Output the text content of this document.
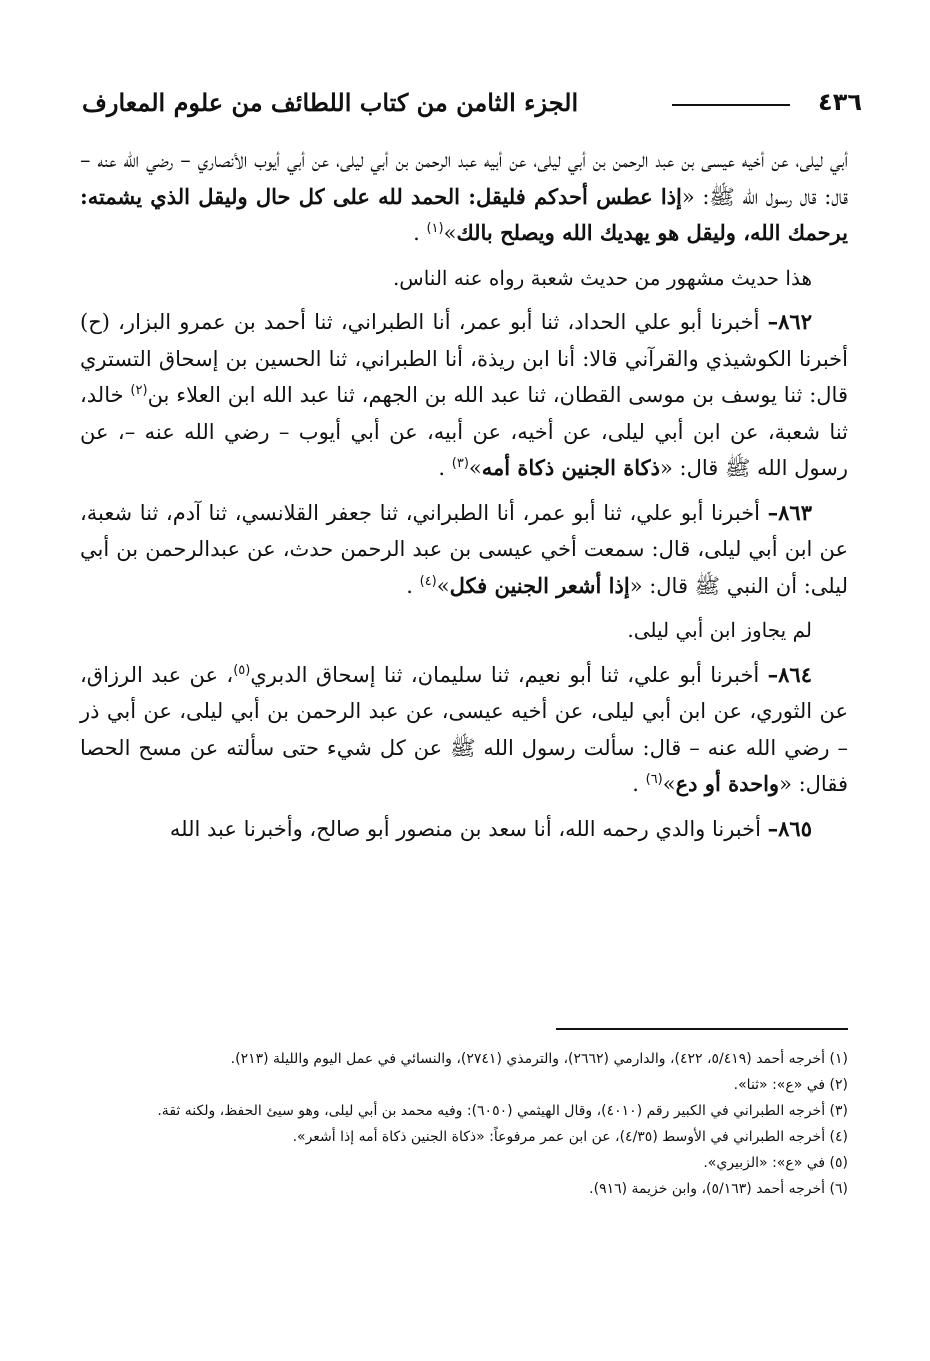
٤٣٦
الجزء الثامن من كتاب اللطائف من علوم المعارف

أبي ليلى، عن أخيه عيسى بن عبد الرحمن بن أبي ليلى، عن أبيه عبد الرحمن بن أبي ليلى، عن أبي أيوب الأنصاري – رضي الله عنه – قال: قال رسول الله ﷺ: «إذا عطس أحدكم فليقل: الحمد لله على كل حال وليقل الذي يشمته: يرحمك الله، وليقل هو يهديك الله ويصلح بالك»$^{(١)}$ .

هذا حديث مشهور من حديث شعبة رواه عنه الناس.

٨٦٢– أخبرنا أبو علي الحداد، ثنا أبو عمر، أنا الطبراني، ثنا أحمد بن عمرو البزار، (ح) أخبرنا الكوشيذي والقرآني قالا: أنا ابن ريذة، أنا الطبراني، ثنا الحسين بن إسحاق التستري قال: ثنا يوسف بن موسى القطان، ثنا عبد الله بن الجهم، ثنا عبد الله ابن العلاء بن$^{(٢)}$ خالد، ثنا شعبة، عن ابن أبي ليلى، عن أخيه، عن أبيه، عن أبي أيوب – رضي الله عنه –، عن رسول الله ﷺ قال: «ذكاة الجنين ذكاة أمه»$^{(٣)}$ .

٨٦٣– أخبرنا أبو علي، ثنا أبو عمر، أنا الطبراني، ثنا جعفر القلانسي، ثنا آدم، ثنا شعبة، عن ابن أبي ليلى، قال: سمعت أخي عيسى بن عبد الرحمن حدث، عن عبدالرحمن بن أبي ليلى: أن النبي ﷺ قال: «إذا أشعر الجنين فكل»$^{(٤)}$ .

لم يجاوز ابن أبي ليلى.

٨٦٤– أخبرنا أبو علي، ثنا أبو نعيم، ثنا سليمان، ثنا إسحاق الدبري$^{(٥)}$، عن عبد الرزاق، عن الثوري، عن ابن أبي ليلى، عن أخيه عيسى، عن عبد الرحمن بن أبي ليلى، عن أبي ذر – رضي الله عنه – قال: سألت رسول الله ﷺ عن كل شيء حتى سألته عن مسح الحصا فقال: «واحدة أو دع»$^{(٦)}$ .

٨٦٥– أخبرنا والدي رحمه الله، أنا سعد بن منصور أبو صالح، وأخبرنا عبد الله

(١) أخرجه أحمد (٥/٤١٩، ٤٢٢)، والدارمي (٢٦٦٢)، والترمذي (٢٧٤١)، والنسائي في عمل اليوم والليلة (٢١٣).
(٢) في «ع»: «ثنا».
(٣) أخرجه الطبراني في الكبير رقم (٤٠١٠)، وقال الهيثمي (٦٠٥٠): وفيه محمد بن أبي ليلى، وهو سيئ الحفظ، ولكنه ثقة.
(٤) أخرجه الطبراني في الأوسط (٤/٣٥)، عن ابن عمر مرفوعاً: «ذكاة الجنين ذكاة أمه إذا أشعر».
(٥) في «ع»: «الزبيري».
(٦) أخرجه أحمد (٥/١٦٣)، وابن خزيمة (٩١٦).
